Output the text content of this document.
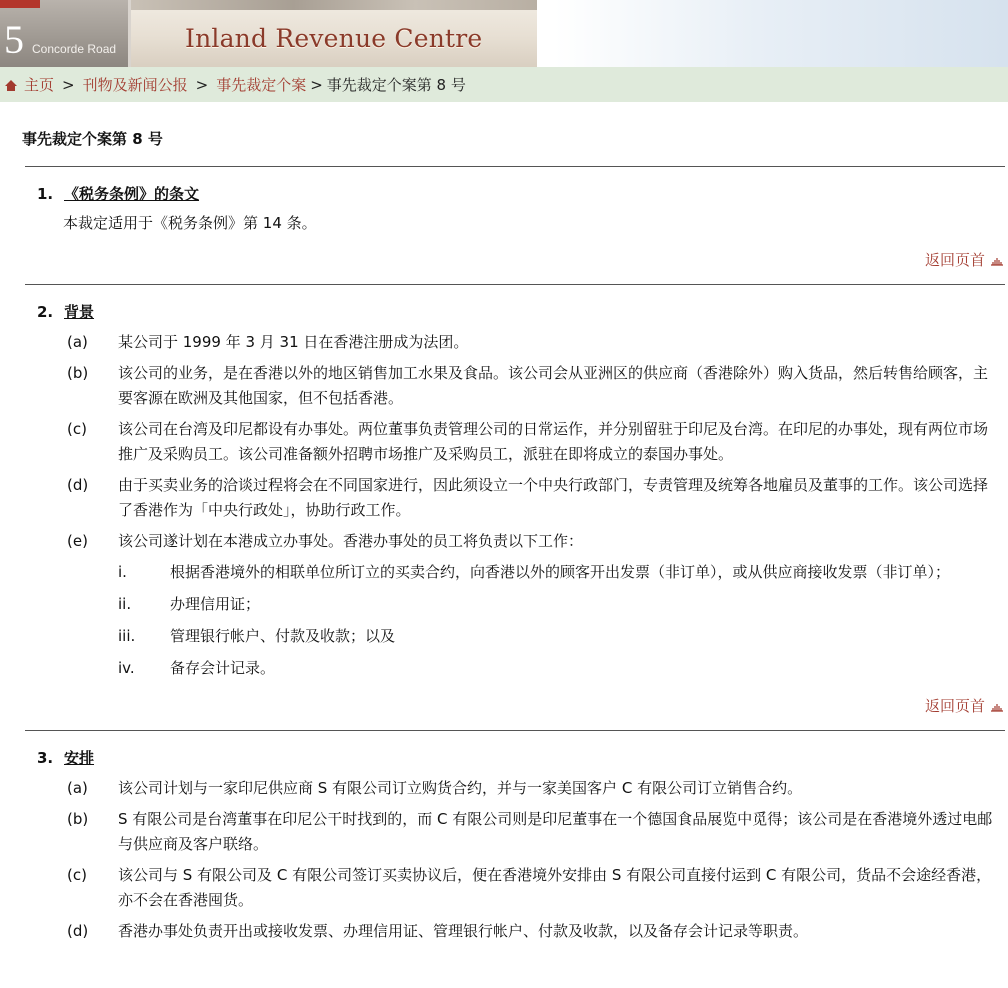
5 Concorde Road	Inland Revenue Centre
主页 > 刊物及新闻公报 > 事先裁定个案 > 事先裁定个案第 8 号
事先裁定个案第 8 号
1. 《税务条例》的条文
本裁定适用于《税务条例》第 14 条。
返回页首
2. 背景
(a)	某公司于 1999 年 3 月 31 日在香港注册成为法团。
(b)	该公司的业务，是在香港以外的地区销售加工水果及食品。该公司会从亚洲区的供应商（香港除外）购入货品，然后转售给顾客，主要客源在欧洲及其他国家，但不包括香港。
(c)	该公司在台湾及印尼都设有办事处。两位董事负责管理公司的日常运作，并分别留驻于印尼及台湾。在印尼的办事处，现有两位市场推广及采购员工。该公司准备额外招聘市场推广及采购员工，派驻在即将成立的泰国办事处。
(d)	由于买卖业务的洽谈过程将会在不同国家进行，因此须设立一个中央行政部门，专责管理及统筹各地雇员及董事的工作。该公司选择了香港作为「中央行政处」，协助行政工作。
(e)	该公司遂计划在本港成立办事处。香港办事处的员工将负责以下工作：
i.	根据香港境外的相联单位所订立的买卖合约，向香港以外的顾客开出发票（非订单），或从供应商接收发票（非订单）；
ii.	办理信用证；
iii.	管理银行帐户、付款及收款；以及
iv.	备存会计记录。
返回页首
3. 安排
(a)	该公司计划与一家印尼供应商 S 有限公司订立购货合约，并与一家美国客户 C 有限公司订立销售合约。
(b)	S 有限公司是台湾董事在印尼公干时找到的，而 C 有限公司则是印尼董事在一个德国食品展览中觅得；该公司是在香港境外透过电邮与供应商及客户联络。
(c)	该公司与 S 有限公司及 C 有限公司签订买卖协议后，便在香港境外安排由 S 有限公司直接付运到 C 有限公司，货品不会途经香港，亦不会在香港囤货。
(d)	香港办事处负责开出或接收发票、办理信用证、管理银行帐户、付款及收款，以及备存会计记录等职责。
